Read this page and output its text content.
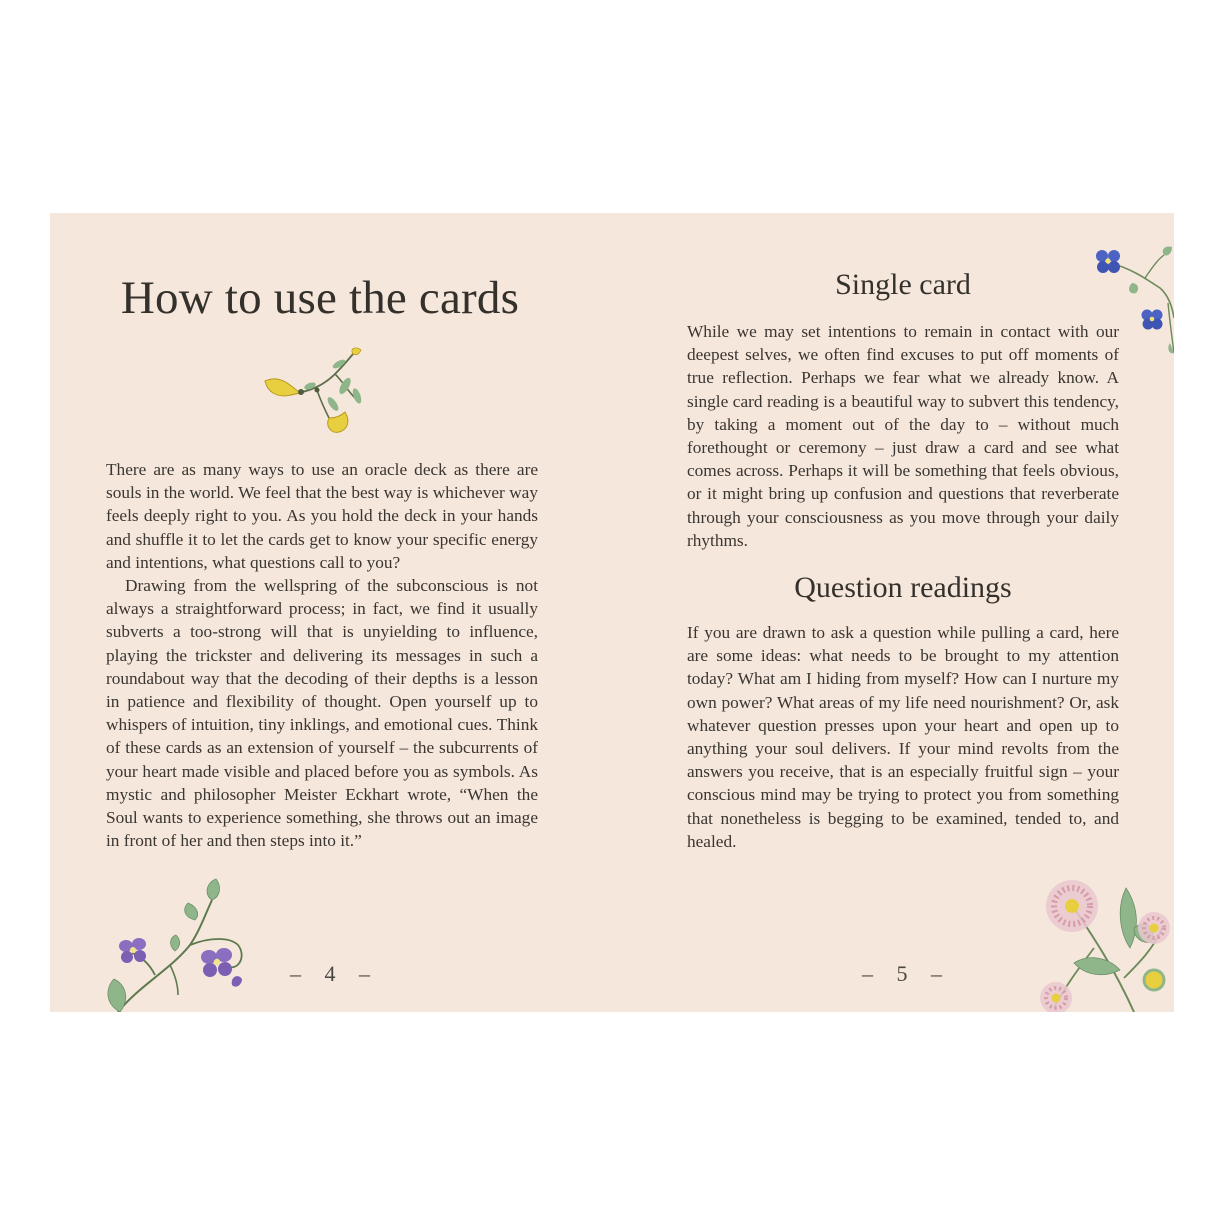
How to use the cards

There are as many ways to use an oracle deck as there are souls in the world. We feel that the best way is whichever way feels deeply right to you. As you hold the deck in your hands and shuffle it to let the cards get to know your specific energy and intentions, what questions call to you?

Drawing from the wellspring of the subconscious is not always a straightforward process; in fact, we find it usually subverts a too-strong will that is unyielding to influence, playing the trickster and delivering its messages in such a roundabout way that the decoding of their depths is a lesson in patience and flexibility of thought. Open yourself up to whispers of intuition, tiny inklings, and emotional cues. Think of these cards as an extension of yourself – the subcurrents of your heart made visible and placed before you as symbols. As mystic and philosopher Meister Eckhart wrote, “When the Soul wants to experience something, she throws out an image in front of her and then steps into it.”

– 4 –
Single card

While we may set intentions to remain in contact with our deepest selves, we often find excuses to put off moments of true reflection. Perhaps we fear what we already know. A single card reading is a beautiful way to subvert this tendency, by taking a moment out of the day to – without much forethought or ceremony – just draw a card and see what comes across. Perhaps it will be something that feels obvious, or it might bring up confusion and questions that reverberate through your consciousness as you move through your daily rhythms.

Question readings

If you are drawn to ask a question while pulling a card, here are some ideas: what needs to be brought to my attention today? What am I hiding from myself? How can I nurture my own power? What areas of my life need nourishment? Or, ask whatever question presses upon your heart and open up to anything your soul delivers. If your mind revolts from the answers you receive, that is an especially fruitful sign – your conscious mind may be trying to protect you from something that nonetheless is begging to be examined, tended to, and healed.

– 5 –
